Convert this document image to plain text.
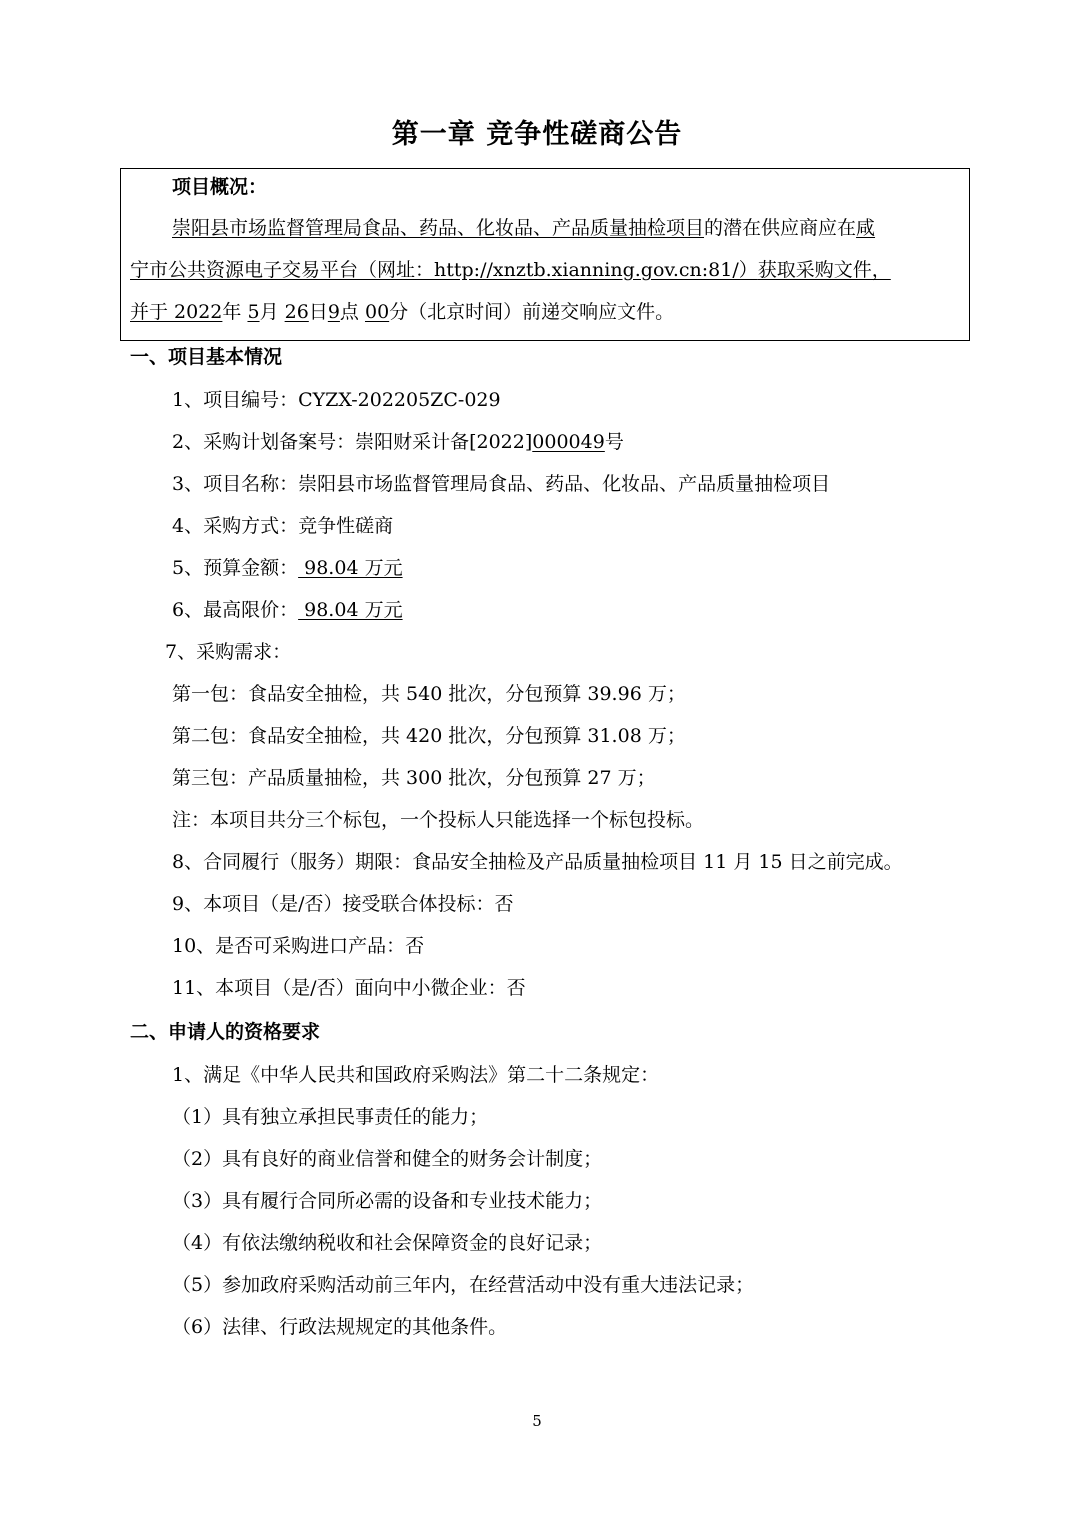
第一章 竞争性磋商公告
项目概况：
崇阳县市场监督管理局食品、药品、化妆品、产品质量抽检项目的潜在供应商应在咸
宁市公共资源电子交易平台（网址：http://xnztb.xianning.gov.cn:81/）获取采购文件，
并于 2022年 5月 26日9点 00分（北京时间）前递交响应文件。
一、项目基本情况
1、项目编号：CYZX-202205ZC-029
2、采购计划备案号：崇阳财采计备[2022]000049号
3、项目名称：崇阳县市场监督管理局食品、药品、化妆品、产品质量抽检项目
4、采购方式：竞争性磋商
5、预算金额： 98.04 万元
6、最高限价： 98.04 万元
7、采购需求：
第一包：食品安全抽检，共 540 批次，分包预算 39.96 万；
第二包：食品安全抽检，共 420 批次，分包预算 31.08 万；
第三包：产品质量抽检，共 300 批次，分包预算 27 万；
注：本项目共分三个标包，一个投标人只能选择一个标包投标。
8、合同履行（服务）期限：食品安全抽检及产品质量抽检项目 11 月 15 日之前完成。
9、本项目（是/否）接受联合体投标：否
10、是否可采购进口产品：否
11、本项目（是/否）面向中小微企业：否
二、申请人的资格要求
1、满足《中华人民共和国政府采购法》第二十二条规定：
（1）具有独立承担民事责任的能力；
（2）具有良好的商业信誉和健全的财务会计制度；
（3）具有履行合同所必需的设备和专业技术能力；
（4）有依法缴纳税收和社会保障资金的良好记录；
（5）参加政府采购活动前三年内，在经营活动中没有重大违法记录；
（6）法律、行政法规规定的其他条件。
5
